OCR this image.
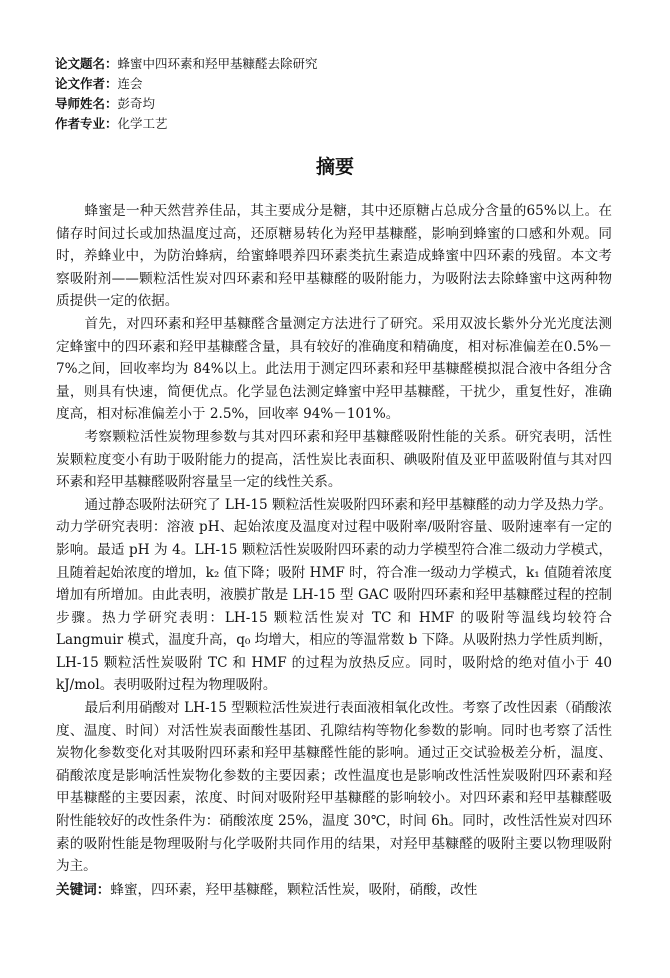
论文题名：蜂蜜中四环素和羟甲基糠醛去除研究
论文作者：连会
导师姓名：彭奇均
作者专业：化学工艺
摘要

蜂蜜是一种天然营养佳品，其主要成分是糖，其中还原糖占总成分含量的65%以上。在储存时间过长或加热温度过高，还原糖易转化为羟甲基糠醛，影响到蜂蜜的口感和外观。同时，养蜂业中，为防治蜂病，给蜜蜂喂养四环素类抗生素造成蜂蜜中四环素的残留。本文考察吸附剂——颗粒活性炭对四环素和羟甲基糠醛的吸附能力，为吸附法去除蜂蜜中这两种物质提供一定的依据。

首先，对四环素和羟甲基糠醛含量测定方法进行了研究。采用双波长紫外分光光度法测定蜂蜜中的四环素和羟甲基糠醛含量，具有较好的准确度和精确度，相对标准偏差在0.5%－7%之间，回收率均为 84%以上。此法用于测定四环素和羟甲基糠醛模拟混合液中各组分含量，则具有快速，简便优点。化学显色法测定蜂蜜中羟甲基糠醛，干扰少，重复性好，准确度高，相对标准偏差小于 2.5%，回收率 94%－101%。

考察颗粒活性炭物理参数与其对四环素和羟甲基糠醛吸附性能的关系。研究表明，活性炭颗粒度变小有助于吸附能力的提高，活性炭比表面积、碘吸附值及亚甲蓝吸附值与其对四环素和羟甲基糠醛吸附容量呈一定的线性关系。

通过静态吸附法研究了 LH-15 颗粒活性炭吸附四环素和羟甲基糠醛的动力学及热力学。动力学研究表明：溶液 pH、起始浓度及温度对过程中吸附率/吸附容量、吸附速率有一定的影响。最适 pH 为 4。LH-15 颗粒活性炭吸附四环素的动力学模型符合准二级动力学模式，且随着起始浓度的增加，k₂ 值下降；吸附 HMF 时，符合准一级动力学模式，k₁ 值随着浓度增加有所增加。由此表明，液膜扩散是 LH-15 型 GAC 吸附四环素和羟甲基糠醛过程的控制步骤。热力学研究表明：LH-15 颗粒活性炭对 TC 和 HMF 的吸附等温线均较符合 Langmuir 模式，温度升高，q₀ 均增大，相应的等温常数 b 下降。从吸附热力学性质判断，LH-15 颗粒活性炭吸附 TC 和 HMF 的过程为放热反应。同时，吸附焓的绝对值小于 40 kJ/mol。表明吸附过程为物理吸附。

最后利用硝酸对 LH-15 型颗粒活性炭进行表面液相氧化改性。考察了改性因素（硝酸浓度、温度、时间）对活性炭表面酸性基团、孔隙结构等物化参数的影响。同时也考察了活性炭物化参数变化对其吸附四环素和羟甲基糠醛性能的影响。通过正交试验极差分析，温度、硝酸浓度是影响活性炭物化参数的主要因素；改性温度也是影响改性活性炭吸附四环素和羟甲基糠醛的主要因素，浓度、时间对吸附羟甲基糠醛的影响较小。对四环素和羟甲基糠醛吸附性能较好的改性条件为：硝酸浓度 25%，温度 30℃，时间 6h。同时，改性活性炭对四环素的吸附性能是物理吸附与化学吸附共同作用的结果，对羟甲基糠醛的吸附主要以物理吸附为主。

关键词：蜂蜜，四环素，羟甲基糠醛，颗粒活性炭，吸附，硝酸，改性
